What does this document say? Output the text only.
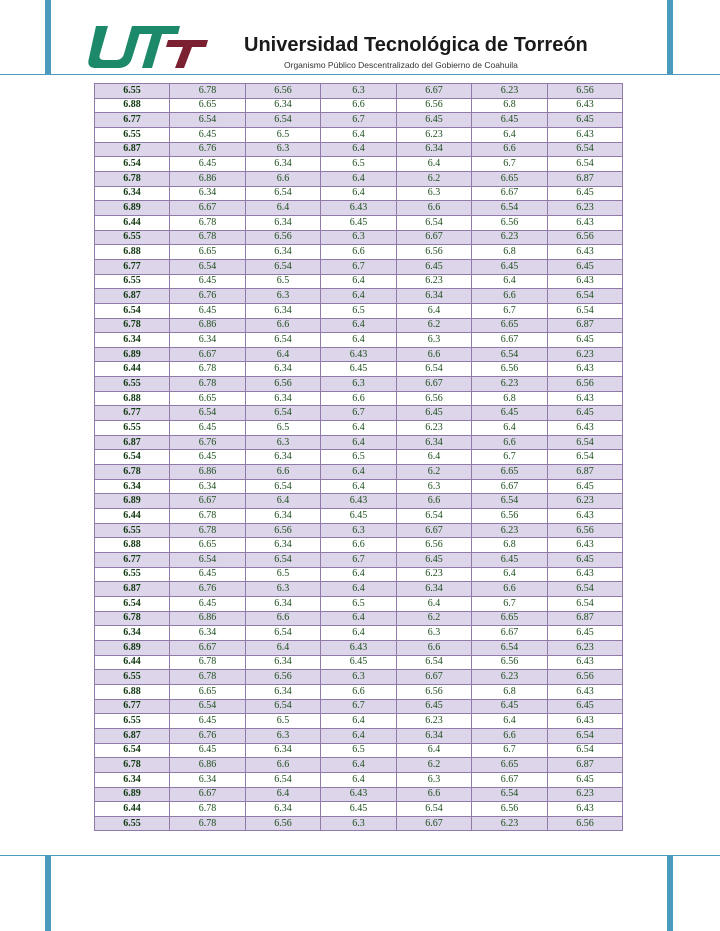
Universidad Tecnológica de Torreón
Organismo Público Descentralizado del Gobierno de Coahuila
6.55	6.78	6.56	6.3	6.67	6.23	6.56
6.88	6.65	6.34	6.6	6.56	6.8	6.43
6.77	6.54	6.54	6.7	6.45	6.45	6.45
6.55	6.45	6.5	6.4	6.23	6.4	6.43
6.87	6.76	6.3	6.4	6.34	6.6	6.54
6.54	6.45	6.34	6.5	6.4	6.7	6.54
6.78	6.86	6.6	6.4	6.2	6.65	6.87
6.34	6.34	6.54	6.4	6.3	6.67	6.45
6.89	6.67	6.4	6.43	6.6	6.54	6.23
6.44	6.78	6.34	6.45	6.54	6.56	6.43
6.55	6.78	6.56	6.3	6.67	6.23	6.56
6.88	6.65	6.34	6.6	6.56	6.8	6.43
6.77	6.54	6.54	6.7	6.45	6.45	6.45
6.55	6.45	6.5	6.4	6.23	6.4	6.43
6.87	6.76	6.3	6.4	6.34	6.6	6.54
6.54	6.45	6.34	6.5	6.4	6.7	6.54
6.78	6.86	6.6	6.4	6.2	6.65	6.87
6.34	6.34	6.54	6.4	6.3	6.67	6.45
6.89	6.67	6.4	6.43	6.6	6.54	6.23
6.44	6.78	6.34	6.45	6.54	6.56	6.43
6.55	6.78	6.56	6.3	6.67	6.23	6.56
6.88	6.65	6.34	6.6	6.56	6.8	6.43
6.77	6.54	6.54	6.7	6.45	6.45	6.45
6.55	6.45	6.5	6.4	6.23	6.4	6.43
6.87	6.76	6.3	6.4	6.34	6.6	6.54
6.54	6.45	6.34	6.5	6.4	6.7	6.54
6.78	6.86	6.6	6.4	6.2	6.65	6.87
6.34	6.34	6.54	6.4	6.3	6.67	6.45
6.89	6.67	6.4	6.43	6.6	6.54	6.23
6.44	6.78	6.34	6.45	6.54	6.56	6.43
6.55	6.78	6.56	6.3	6.67	6.23	6.56
6.88	6.65	6.34	6.6	6.56	6.8	6.43
6.77	6.54	6.54	6.7	6.45	6.45	6.45
6.55	6.45	6.5	6.4	6.23	6.4	6.43
6.87	6.76	6.3	6.4	6.34	6.6	6.54
6.54	6.45	6.34	6.5	6.4	6.7	6.54
6.78	6.86	6.6	6.4	6.2	6.65	6.87
6.34	6.34	6.54	6.4	6.3	6.67	6.45
6.89	6.67	6.4	6.43	6.6	6.54	6.23
6.44	6.78	6.34	6.45	6.54	6.56	6.43
6.55	6.78	6.56	6.3	6.67	6.23	6.56
6.88	6.65	6.34	6.6	6.56	6.8	6.43
6.77	6.54	6.54	6.7	6.45	6.45	6.45
6.55	6.45	6.5	6.4	6.23	6.4	6.43
6.87	6.76	6.3	6.4	6.34	6.6	6.54
6.54	6.45	6.34	6.5	6.4	6.7	6.54
6.78	6.86	6.6	6.4	6.2	6.65	6.87
6.34	6.34	6.54	6.4	6.3	6.67	6.45
6.89	6.67	6.4	6.43	6.6	6.54	6.23
6.44	6.78	6.34	6.45	6.54	6.56	6.43
6.55	6.78	6.56	6.3	6.67	6.23	6.56
